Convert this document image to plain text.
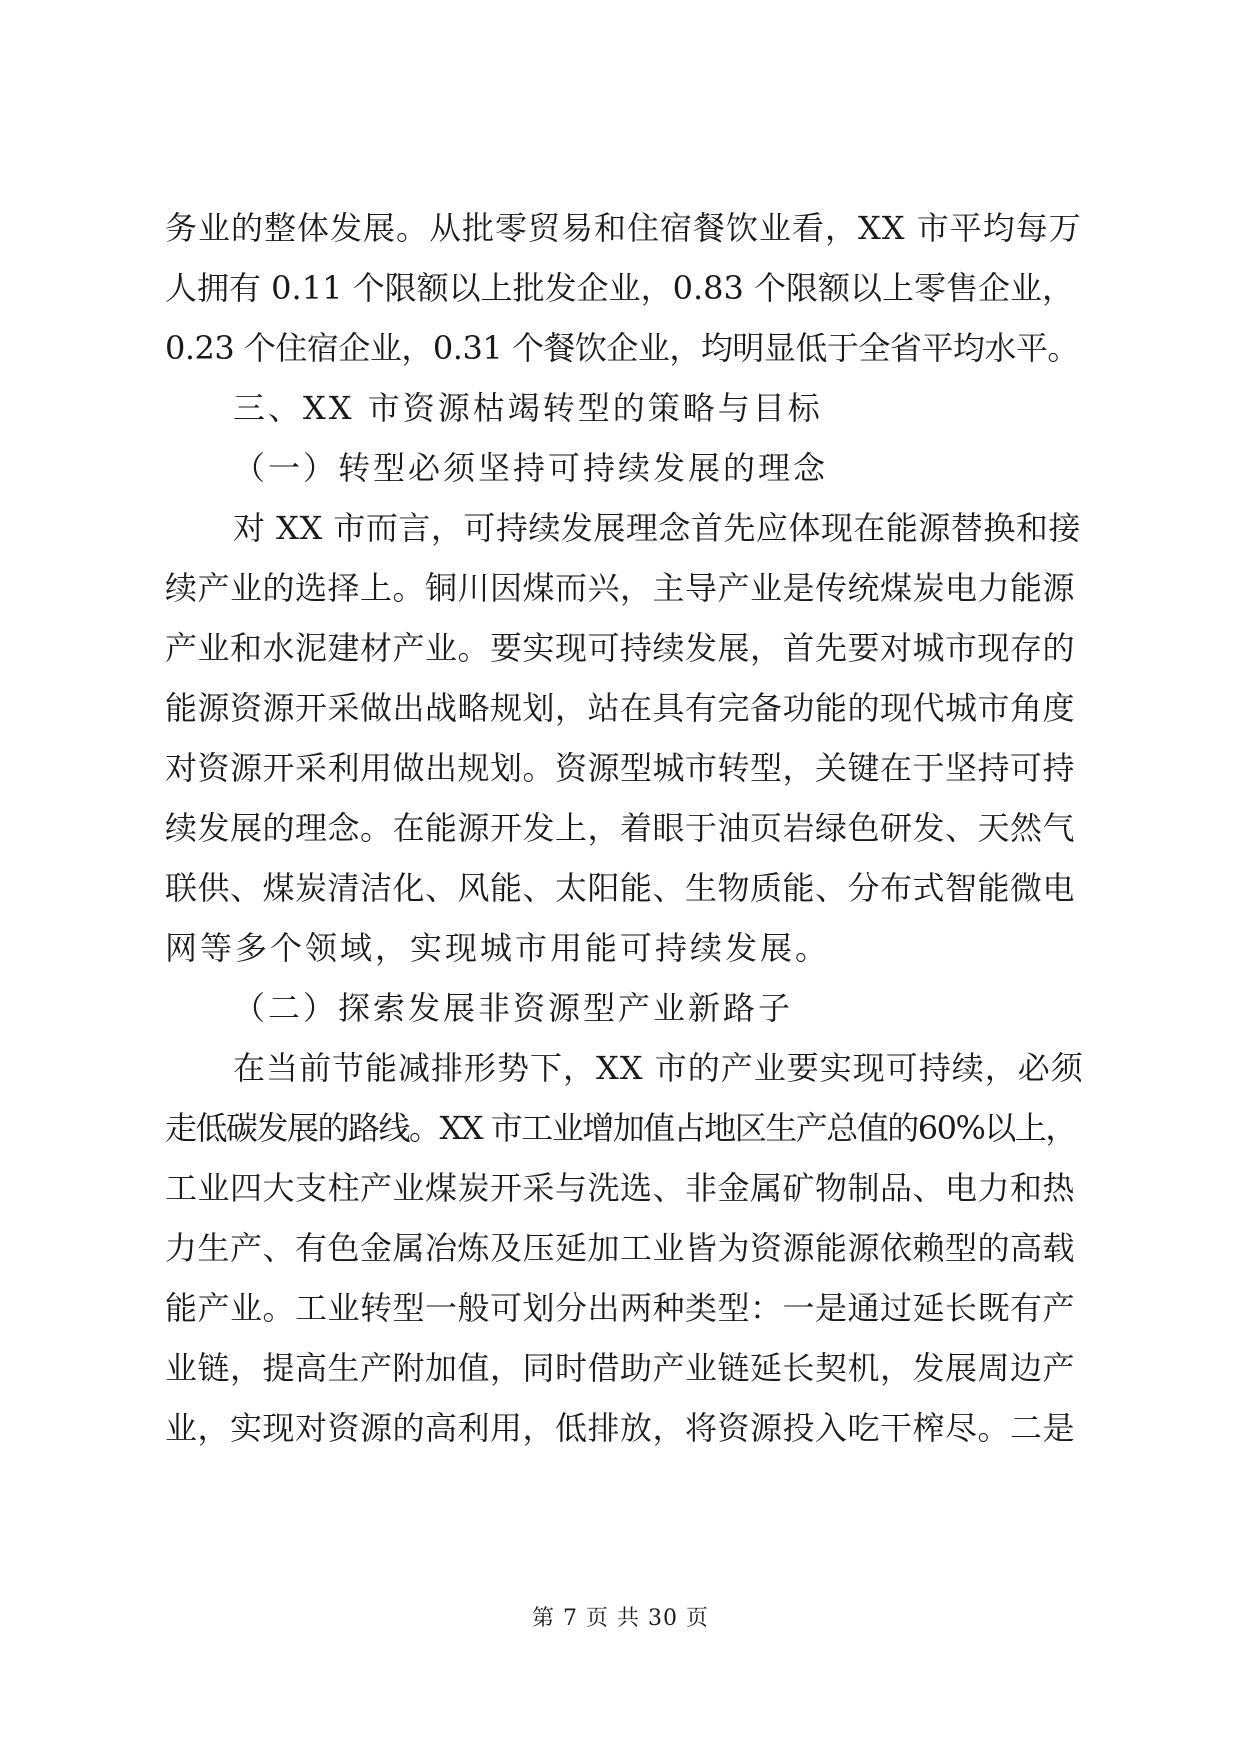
务业的整体发展。从批零贸易和住宿餐饮业看，XX 市平均每万
人拥有 0.11 个限额以上批发企业，0.83 个限额以上零售企业，
0.23 个住宿企业，0.31 个餐饮企业，均明显低于全省平均水平。
三、XX 市资源枯竭转型的策略与目标
（一）转型必须坚持可持续发展的理念
对 XX 市而言，可持续发展理念首先应体现在能源替换和接
续产业的选择上。铜川因煤而兴，主导产业是传统煤炭电力能源
产业和水泥建材产业。要实现可持续发展，首先要对城市现存的
能源资源开采做出战略规划，站在具有完备功能的现代城市角度
对资源开采利用做出规划。资源型城市转型，关键在于坚持可持
续发展的理念。在能源开发上，着眼于油页岩绿色研发、天然气
联供、煤炭清洁化、风能、太阳能、生物质能、分布式智能微电
网等多个领域，实现城市用能可持续发展。
（二）探索发展非资源型产业新路子
在当前节能减排形势下，XX 市的产业要实现可持续，必须
走低碳发展的路线。XX 市工业增加值占地区生产总值的60%以上，
工业四大支柱产业煤炭开采与洗选、非金属矿物制品、电力和热
力生产、有色金属冶炼及压延加工业皆为资源能源依赖型的高载
能产业。工业转型一般可划分出两种类型：一是通过延长既有产
业链，提高生产附加值，同时借助产业链延长契机，发展周边产
业，实现对资源的高利用，低排放，将资源投入吃干榨尽。二是
第 7 页 共 30 页
